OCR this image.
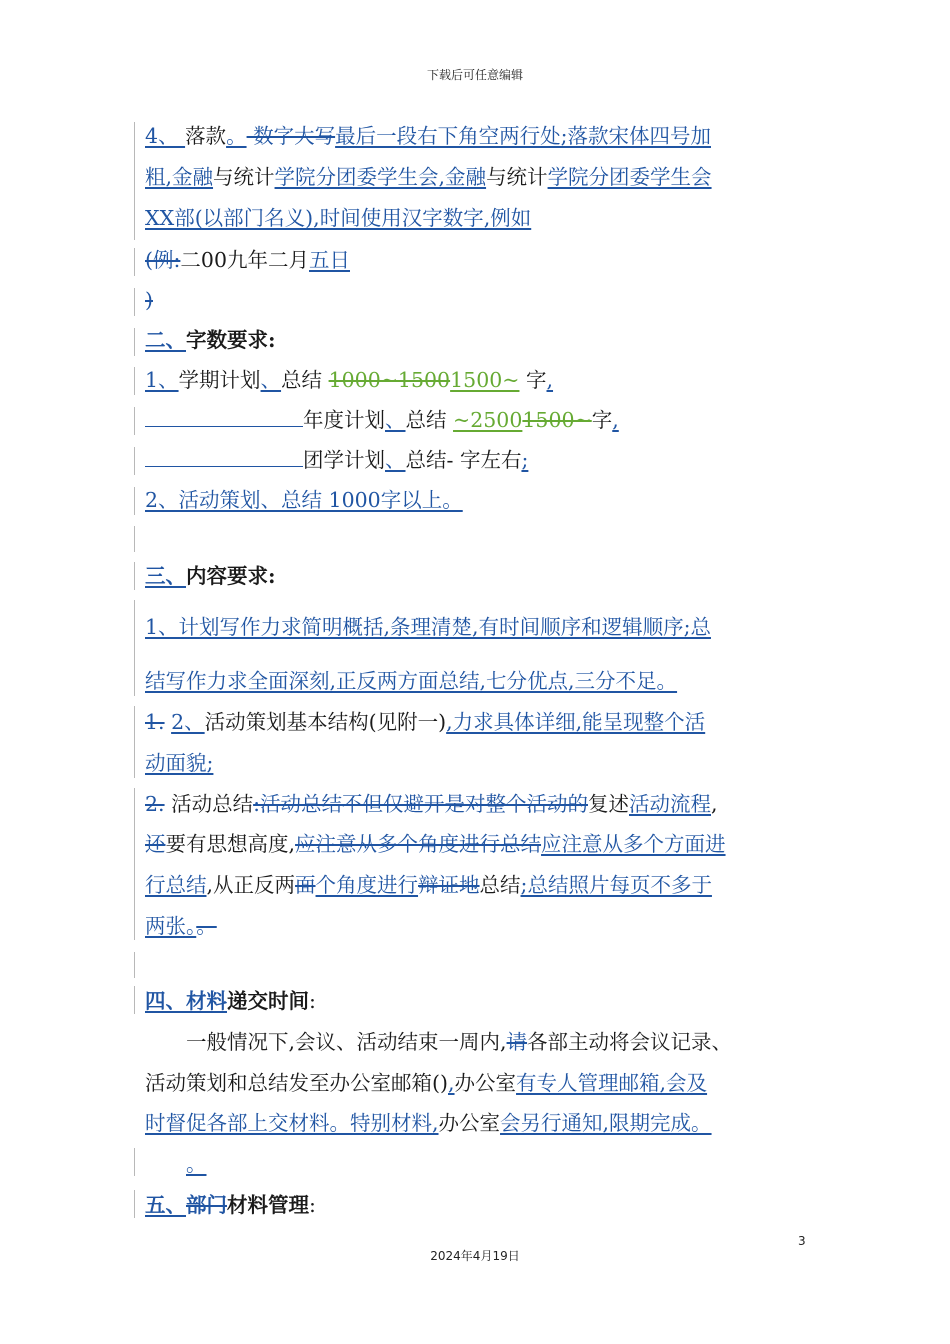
下载后可任意编辑
4、 落款。 数字大写最后一段右下角空两行处;落款宋体四号加
粗,金融与统计学院分团委学生会,金融与统计学院分团委学生会
XX部(以部门名义),时间使用汉字数字,例如
(例:二00九年二月五日
)
二、字数要求:
1、学期计划、总结 1000~15001500~ 字,
年度计划、总结 ~25001500~字,
团学计划、总结- 字左右;
2、活动策划、总结 1000字以上。
三、内容要求:
1、计划写作力求简明概括,条理清楚,有时间顺序和逻辑顺序;总
结写作力求全面深刻,正反两方面总结,七分优点,三分不足。
1. 2、活动策划基本结构(见附一),力求具体详细,能呈现整个活
动面貌;
2. 活动总结:活动总结不但仅避开是对整个活动的复述活动流程,
还要有思想高度,应注意从多个角度进行总结应注意从多个方面进
行总结,从正反两面个角度进行辩证地总结;总结照片每页不多于
两张。。
四、材料递交时间:
一般情况下,会议、活动结束一周内,请各部主动将会议记录、
活动策划和总结发至办公室邮箱(),办公室有专人管理邮箱,会及
时督促各部上交材料。特别材料,办公室会另行通知,限期完成。
。
五、部门材料管理:
3
2024年4月19日
